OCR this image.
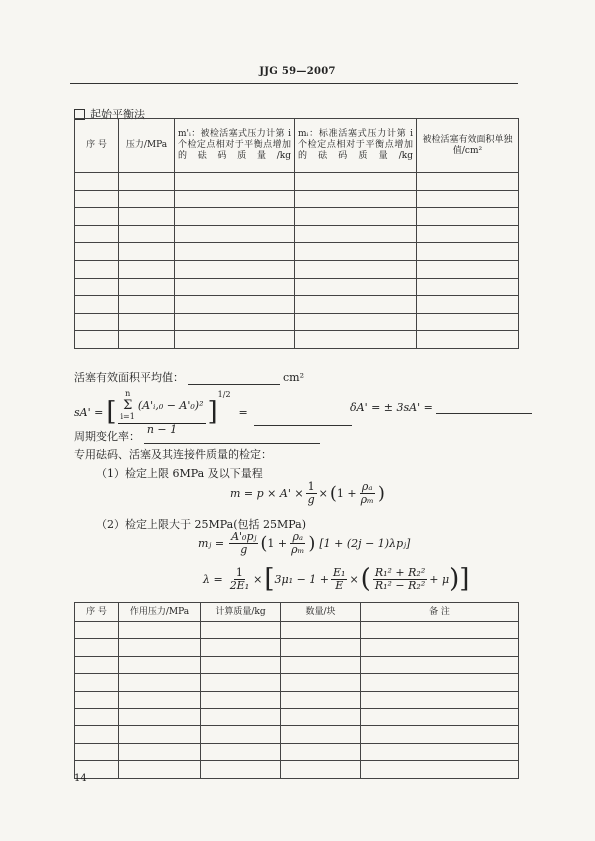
JJG 59—2007
起始平衡法
序 号	压力/MPa	m'ᵢ：被检活塞式压力计第 i 个检定点相对于平衡点增加的砝码质量/kg	mᵢ：标准活塞式压力计第 i 个检定点相对于平衡点增加的砝码质量/kg	被检活塞有效面积单独值/cm²

活塞有效面积平均值：	cm²
sA' = [ n
Σ
i=1
(A'ᵢ,₀ − A'₀)²
n − 1 ]
1/2
=	δA' = ± 3sA' =
周期变化率：
专用砝码、活塞及其连接件质量的检定：
（1）检定上限 6MPa 及以下量程
$m = p \times A' \times \frac{1}{g}$ × ( $1 + \frac{\text{ρₐ}}{\text{ρₘ}}$ )
（2）检定上限大于 25MPa(包括 25MPa)
mⱼ = $\frac{\text{A'₀pⱼ}}{g}$ ( $1 + \frac{\text{ρₐ}}{\text{ρₘ}}$ ) [1 + (2j − 1)λpⱼ]
$\lambda = \frac{1}{\text{2E₁}}$ × [ $3\mu_1 - 1 + \frac{\text{E₁}}{E}$ × ( $\frac{\text{R₁² + R₂²}}{\text{R₁² − R₂²}} + \mu$ ) ]
序 号	作用压力/MPa	计算质量/kg	数量/块	备 注

14
